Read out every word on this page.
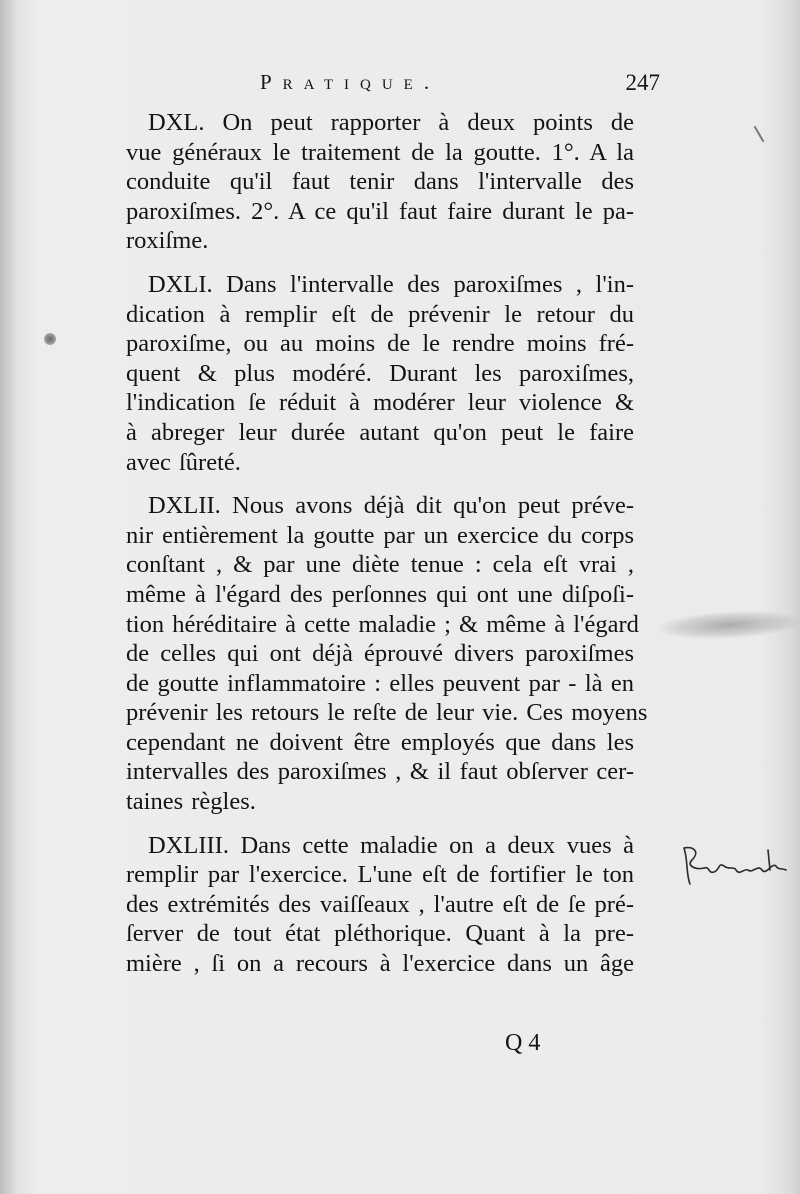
Pratique.	247
DXL. On peut rapporter à deux points de
vue généraux le traitement de la goutte. 1°. A la
conduite qu'il faut tenir dans l'intervalle des
paroxiſmes. 2°. A ce qu'il faut faire durant le pa-
roxiſme.
DXLI. Dans l'intervalle des paroxiſmes , l'in-
dication à remplir eſt de prévenir le retour du
paroxiſme, ou au moins de le rendre moins fré-
quent & plus modéré. Durant les paroxiſmes,
l'indication ſe réduit à modérer leur violence &
à abreger leur durée autant qu'on peut le faire
avec ſûreté.
DXLII. Nous avons déjà dit qu'on peut préve-
nir entièrement la goutte par un exercice du corps
conſtant , & par une diète tenue : cela eſt vrai ,
même à l'égard des perſonnes qui ont une diſpoſi-
tion héréditaire à cette maladie ; & même à l'égard
de celles qui ont déjà éprouvé divers paroxiſmes
de goutte inflammatoire : elles peuvent par - là en
prévenir les retours le reſte de leur vie. Ces moyens
cependant ne doivent être employés que dans les
intervalles des paroxiſmes , & il faut obſerver cer-
taines règles.
DXLIII. Dans cette maladie on a deux vues à
remplir par l'exercice. L'une eſt de fortifier le ton
des extrémités des vaiſſeaux , l'autre eſt de ſe pré-
ſerver de tout état pléthorique. Quant à la pre-
mière , ſi on a recours à l'exercice dans un âge
Q 4
